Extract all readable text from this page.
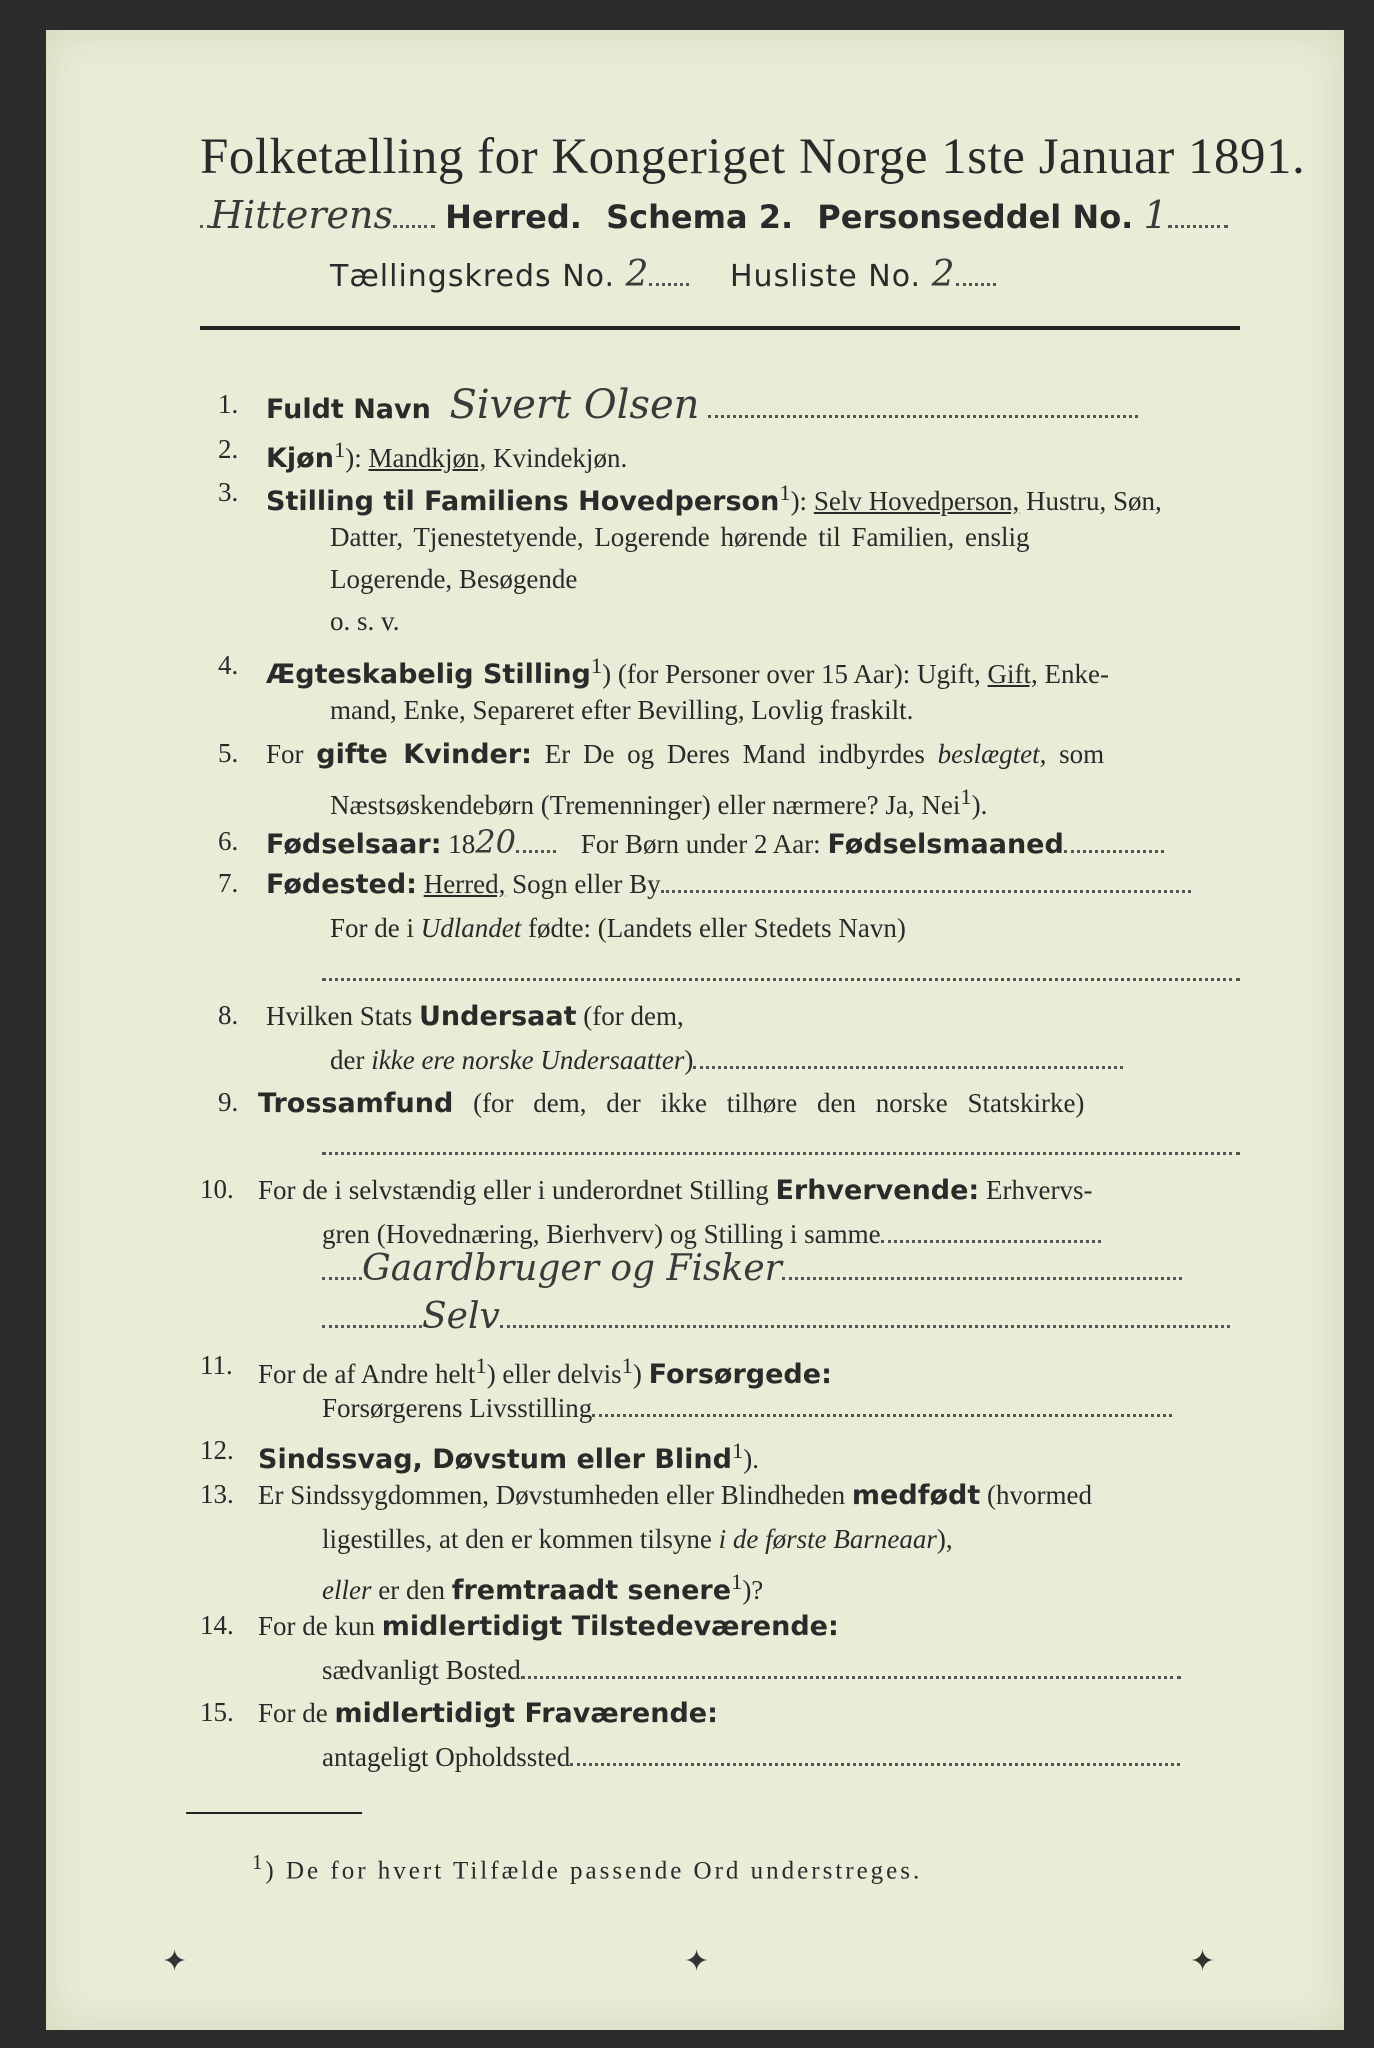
Folketælling for Kongeriget Norge 1ste Januar 1891.
Hitterens Herred. Schema 2. Personseddel No. 1
Tællingskreds No. 2	Husliste No. 2
1. Fuldt Navn Sivert Olsen
2. Kjøn$^1$): Mandkjøn, Kvindekjøn.
3. Stilling til Familiens Hovedperson$^1$): Selv Hovedperson, Hustru, Søn,
Datter, Tjenestetyende, Logerende hørende til Familien, enslig
Logerende, Besøgende
o. s. v.
4. Ægteskabelig Stilling$^1$) (for Personer over 15 Aar): Ugift, Gift, Enke-
mand, Enke, Separeret efter Bevilling, Lovlig fraskilt.
5. For gifte Kvinder: Er De og Deres Mand indbyrdes beslægtet, som
Næstsøskendebørn (Tremenninger) eller nærmere? Ja, Nei$^1$).
6. Fødselsaar: 1820 For Børn under 2 Aar: Fødselsmaaned
7. Fødested: Herred, Sogn eller By
For de i Udlandet fødte: (Landets eller Stedets Navn)
8. Hvilken Stats Undersaat (for dem,
der ikke ere norske Undersaatter)
9. Trossamfund (for dem, der ikke tilhøre den norske Statskirke)
10. For de i selvstændig eller i underordnet Stilling Erhvervende: Erhvervs-
gren (Hovednæring, Bierhverv) og Stilling i samme
Gaardbruger og Fisker
Selv
11. For de af Andre helt$^1$) eller delvis$^1$) Forsørgede:
Forsørgerens Livsstilling
12. Sindssvag, Døvstum eller Blind$^1$).
13. Er Sindssygdommen, Døvstumheden eller Blindheden medfødt (hvormed
ligestilles, at den er kommen tilsyne i de første Barneaar),
eller er den fremtraadt senere$^1$)?
14. For de kun midlertidigt Tilstedeværende:
sædvanligt Bosted
15. For de midlertidigt Fraværende:
antageligt Opholdssted
$^1$) De for hvert Tilfælde passende Ord understreges.
✦	✦	✦
